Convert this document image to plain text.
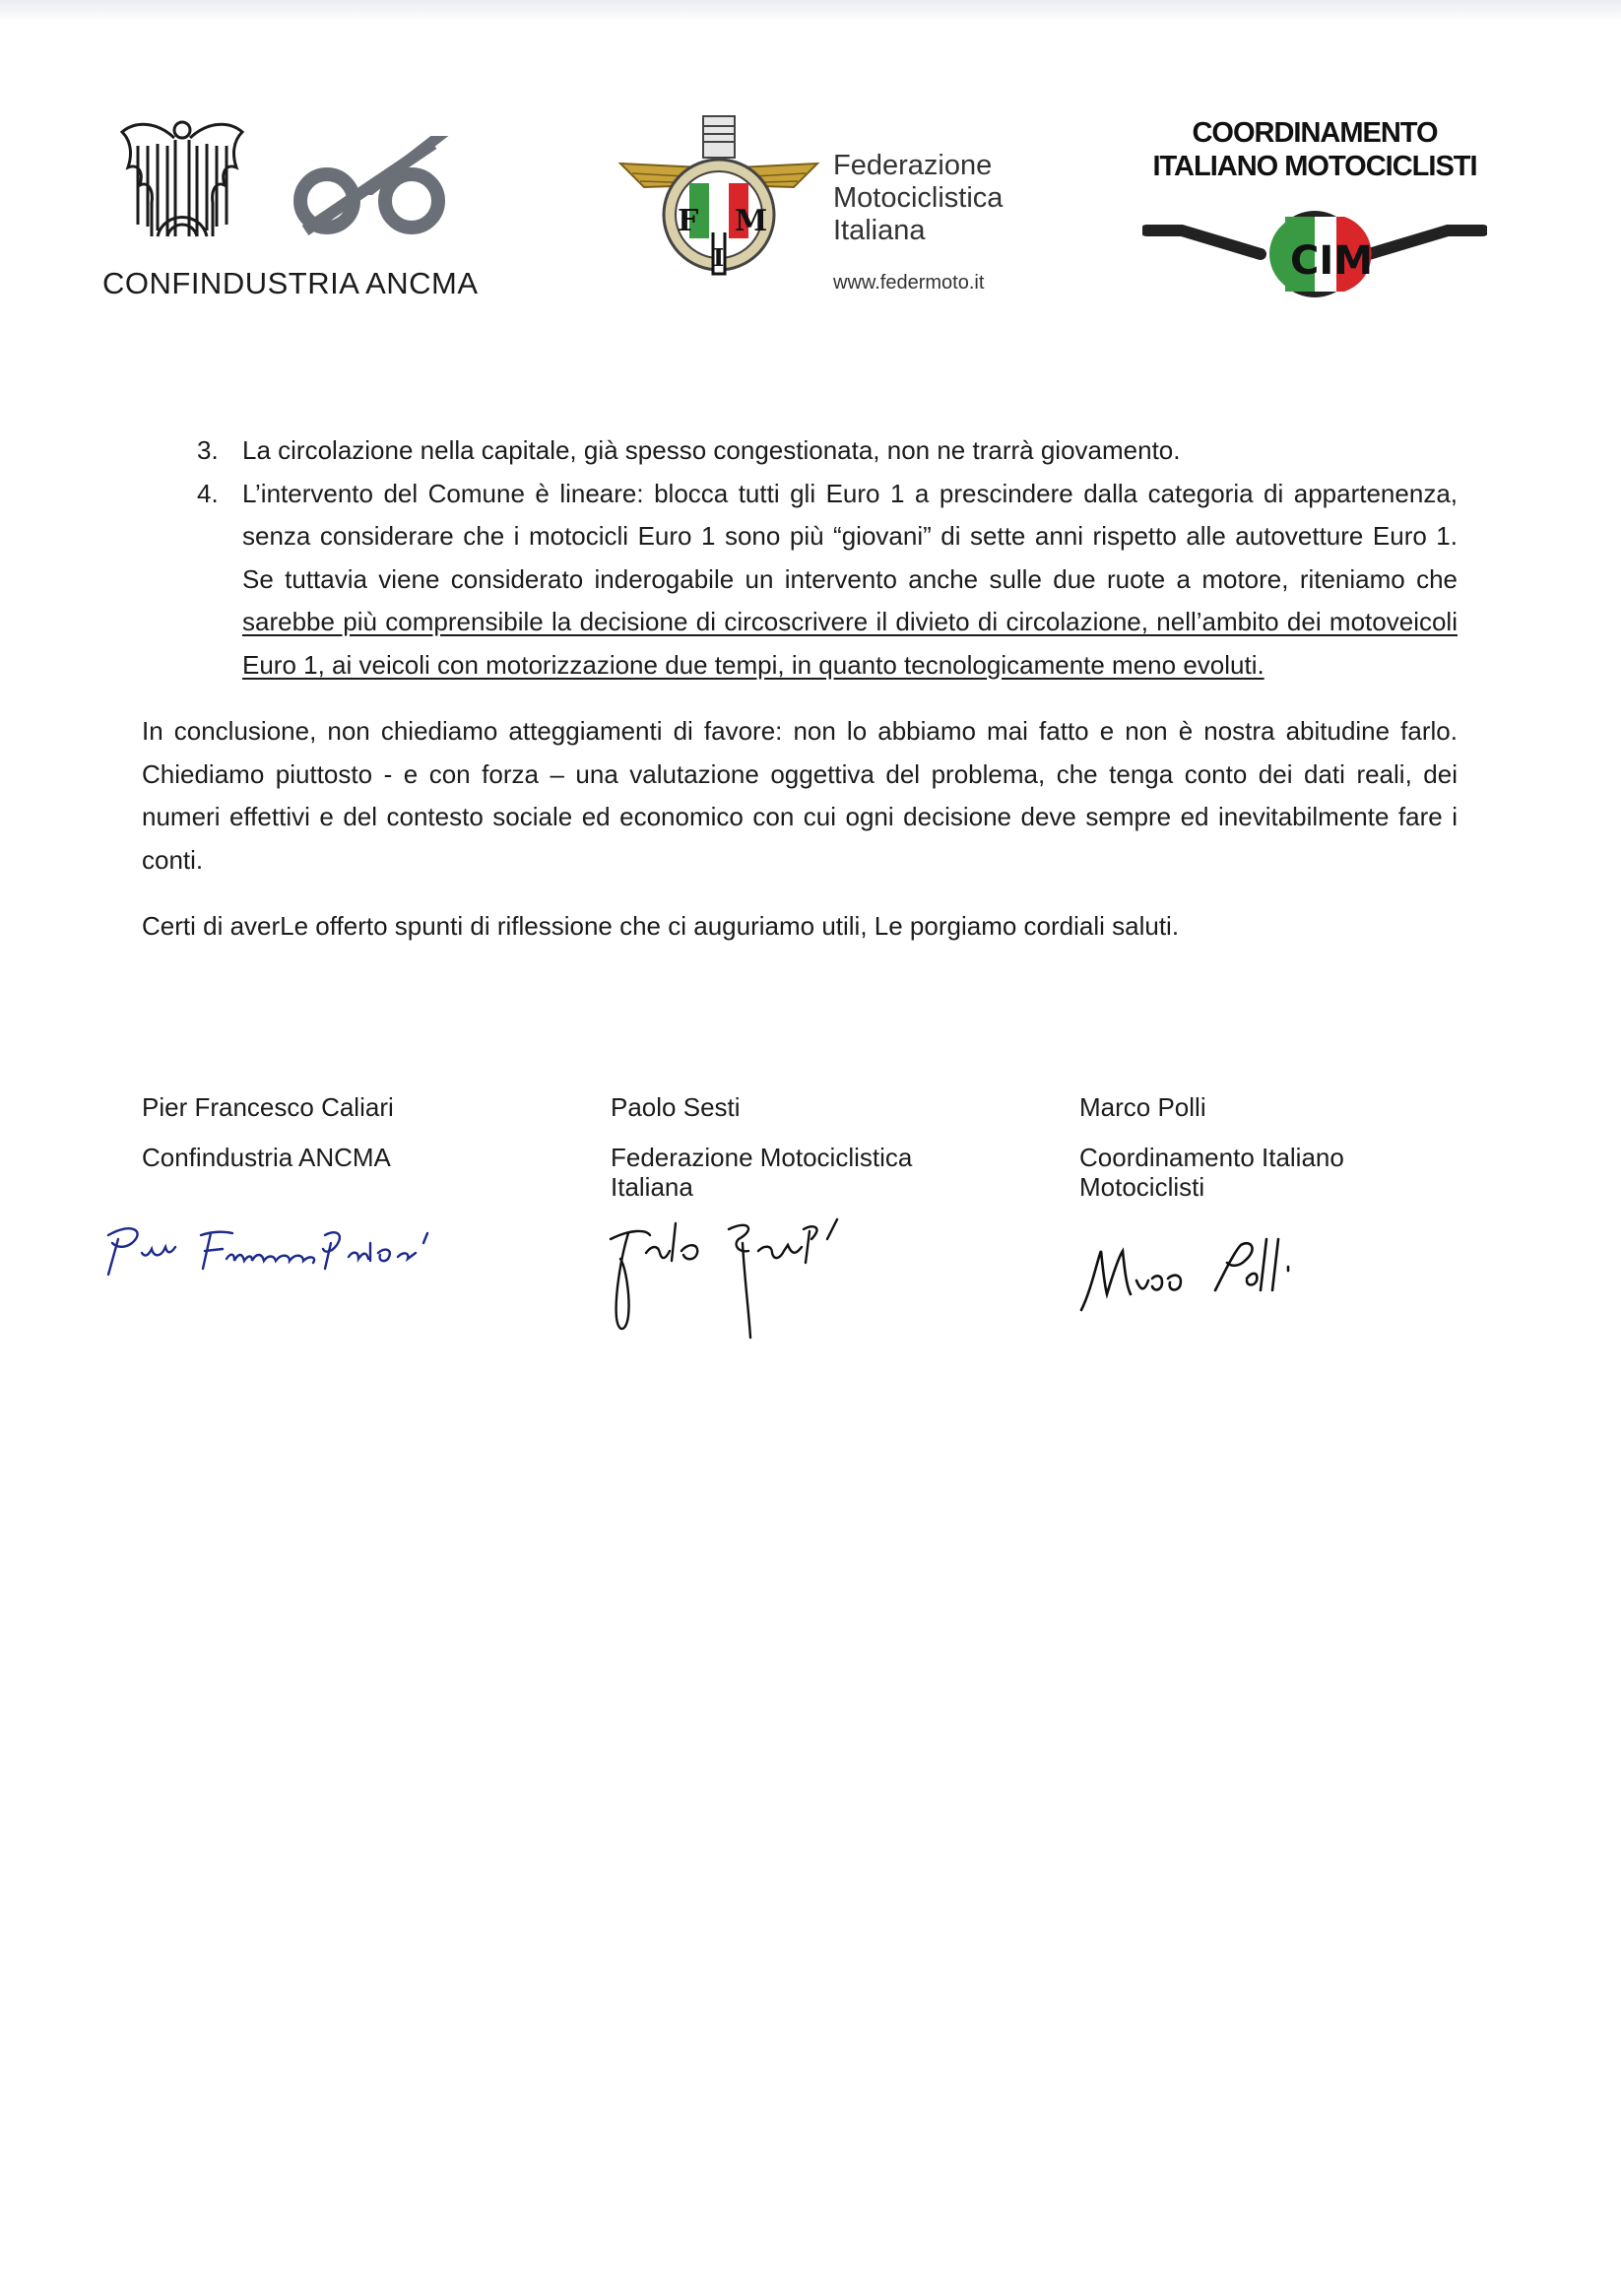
CONFINDUSTRIA ANCMA
F M
I
Federazione
Motociclistica
Italiana
www.federmoto.it
COORDINAMENTO
ITALIANO MOTOCICLISTI
CIM
3. La circolazione nella capitale, già spesso congestionata, non ne trarrà giovamento.
4. L’intervento del Comune è lineare: blocca tutti gli Euro 1 a prescindere dalla categoria di appartenenza, senza considerare che i motocicli Euro 1 sono più “giovani” di sette anni rispetto alle autovetture Euro 1. Se tuttavia viene considerato inderogabile un intervento anche sulle due ruote a motore, riteniamo che sarebbe più comprensibile la decisione di circoscrivere il divieto di circolazione, nell’ambito dei motoveicoli Euro 1, ai veicoli con motorizzazione due tempi, in quanto tecnologicamente meno evoluti.

In conclusione, non chiediamo atteggiamenti di favore: non lo abbiamo mai fatto e non è nostra abitudine farlo. Chiediamo piuttosto - e con forza – una valutazione oggettiva del problema, che tenga conto dei dati reali, dei numeri effettivi e del contesto sociale ed economico con cui ogni decisione deve sempre ed inevitabilmente fare i conti.

Certi di averLe offerto spunti di riflessione che ci auguriamo utili, Le porgiamo cordiali saluti.

Pier Francesco Caliari
Confindustria ANCMA
Paolo Sesti
Federazione Motociclistica
Italiana
Marco Polli
Coordinamento Italiano
Motociclisti
